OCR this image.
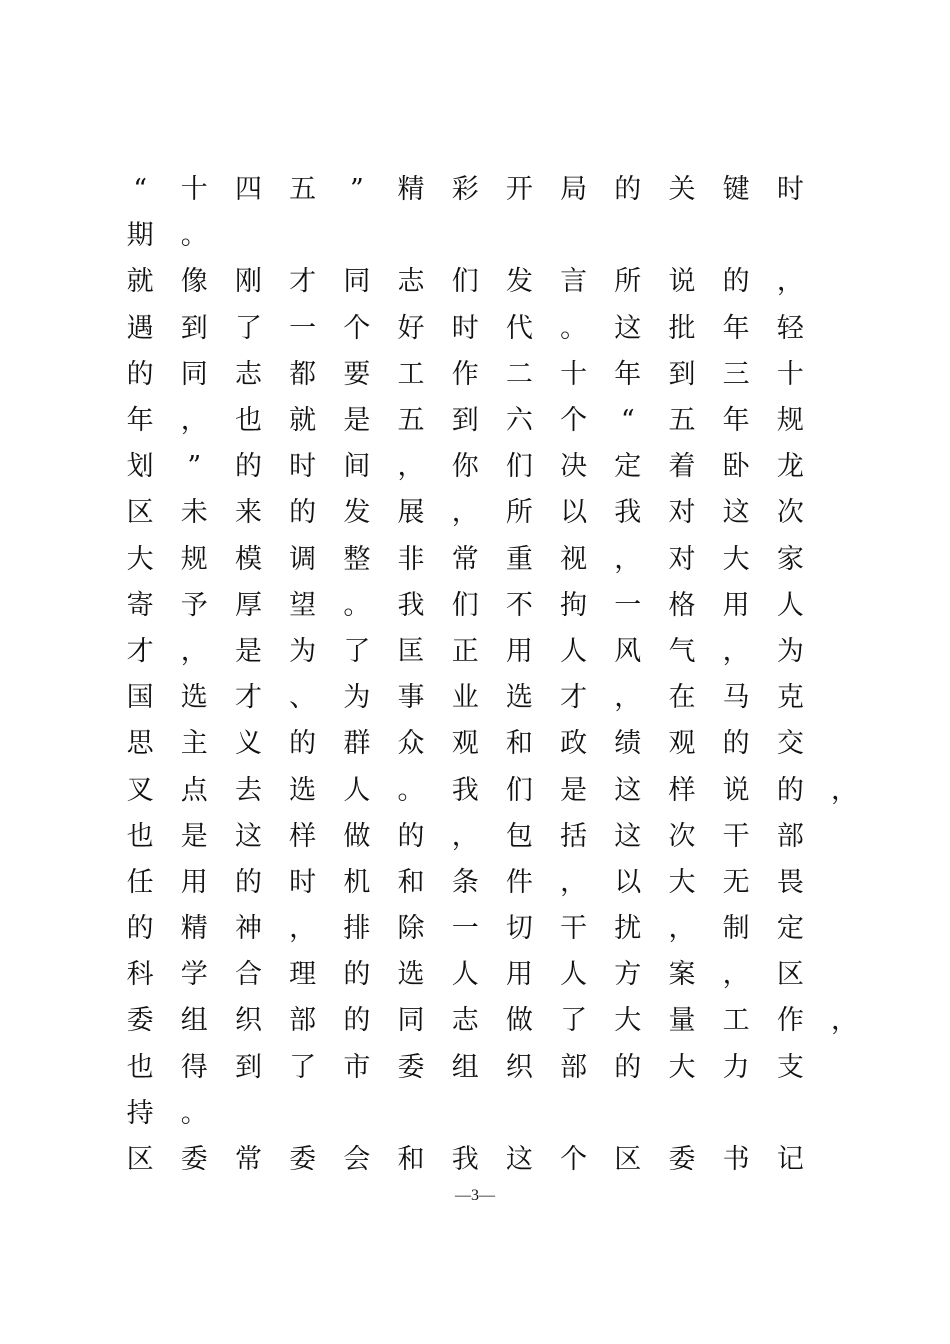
“	十	四	五	”	精	彩	开	局	的	关	键	时
期	。
就	像	刚	才	同	志	们	发	言	所	说	的	，
遇	到	了	一	个	好	时	代	。	这	批	年	轻
的	同	志	都	要	工	作	二	十	年	到	三	十
年	，	也	就	是	五	到	六	个	“	五	年	规
划	”	的	时	间	，	你	们	决	定	着	卧	龙
区	未	来	的	发	展	，	所	以	我	对	这	次
大	规	模	调	整	非	常	重	视	，	对	大	家
寄	予	厚	望	。	我	们	不	拘	一	格	用	人
才	，	是	为	了	匡	正	用	人	风	气	，	为
国	选	才	、	为	事	业	选	才	，	在	马	克
思	主	义	的	群	众	观	和	政	绩	观	的	交
叉	点	去	选	人	。	我	们	是	这	样	说	的	，
也	是	这	样	做	的	，	包	括	这	次	干	部
任	用	的	时	机	和	条	件	，	以	大	无	畏
的	精	神	，	排	除	一	切	干	扰	，	制	定
科	学	合	理	的	选	人	用	人	方	案	，	区
委	组	织	部	的	同	志	做	了	大	量	工	作	，
也	得	到	了	市	委	组	织	部	的	大	力	支
持	。
区	委	常	委	会	和	我	这	个	区	委	书	记
—3—
